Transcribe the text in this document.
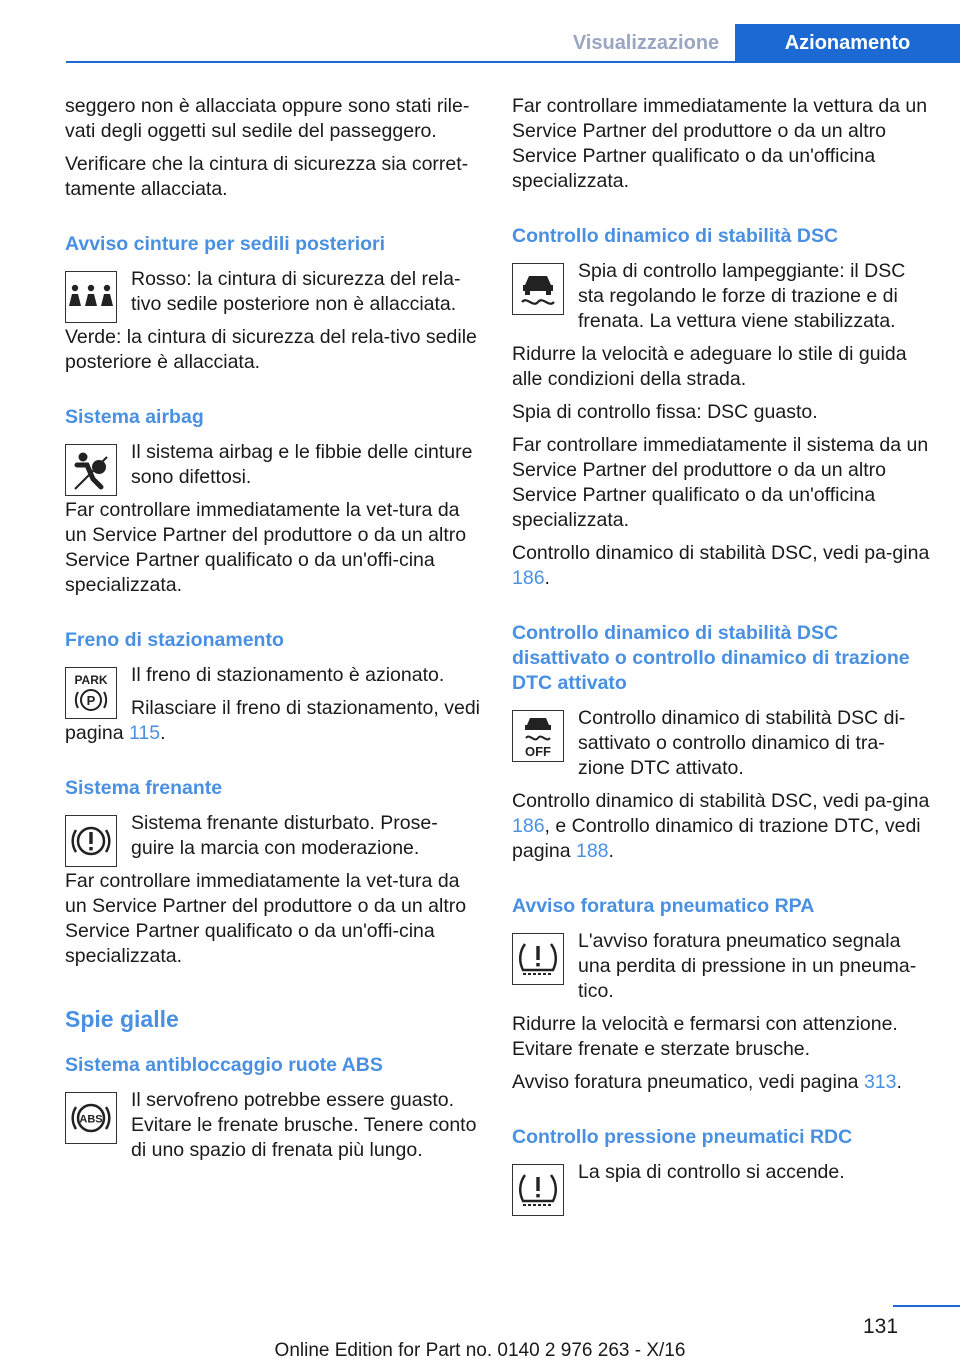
Visualizzazione	Azionamento

seggero non è allacciata oppure sono stati rile-vati degli oggetti sul sedile del passeggero.

Verificare che la cintura di sicurezza sia corret-tamente allacciata.

Avviso cinture per sedili posteriori

Rosso: la cintura di sicurezza del rela-tivo sedile posteriore non è allacciata.

Verde: la cintura di sicurezza del rela-tivo sedile posteriore è allacciata.

Sistema airbag

Il sistema airbag e le fibbie delle cinture sono difettosi.

Far controllare immediatamente la vet-tura da un Service Partner del produttore o da un altro Service Partner qualificato o da un'offi-cina specializzata.

Freno di stazionamento
PARK
P

Il freno di stazionamento è azionato.

Rilasciare il freno di stazionamento, vedi pagina 115.

Sistema frenante

Sistema frenante disturbato. Prose-guire la marcia con moderazione.

Far controllare immediatamente la vet-tura da un Service Partner del produttore o da un altro Service Partner qualificato o da un'offi-cina specializzata.

Spie gialle
Sistema antibloccaggio ruote ABS
ABS

Il servofreno potrebbe essere guasto. Evitare le frenate brusche. Tenere conto di uno spazio di frenata più lungo.

Far controllare immediatamente la vettura da un Service Partner del produttore o da un altro Service Partner qualificato o da un'officina specializzata.

Controllo dinamico di stabilità DSC

Spia di controllo lampeggiante: il DSC sta regolando le forze di trazione e di frenata. La vettura viene stabilizzata.

Ridurre la velocità e adeguare lo stile di guida alle condizioni della strada.

Spia di controllo fissa: DSC guasto.

Far controllare immediatamente il sistema da un Service Partner del produttore o da un altro Service Partner qualificato o da un'officina specializzata.

Controllo dinamico di stabilità DSC, vedi pa-gina 186.

Controllo dinamico di stabilità DSC disattivato o controllo dinamico di trazione DTC attivato
OFF

Controllo dinamico di stabilità DSC di-sattivato o controllo dinamico di tra-zione DTC attivato.

Controllo dinamico di stabilità DSC, vedi pa-gina 186, e Controllo dinamico di trazione DTC, vedi pagina 188.

Avviso foratura pneumatico RPA

L'avviso foratura pneumatico segnala una perdita di pressione in un pneuma-tico.

Ridurre la velocità e fermarsi con attenzione. Evitare frenate e sterzate brusche.

Avviso foratura pneumatico, vedi pagina 313.

Controllo pressione pneumatici RDC

La spia di controllo si accende.

131
Online Edition for Part no. 0140 2 976 263 - X/16
